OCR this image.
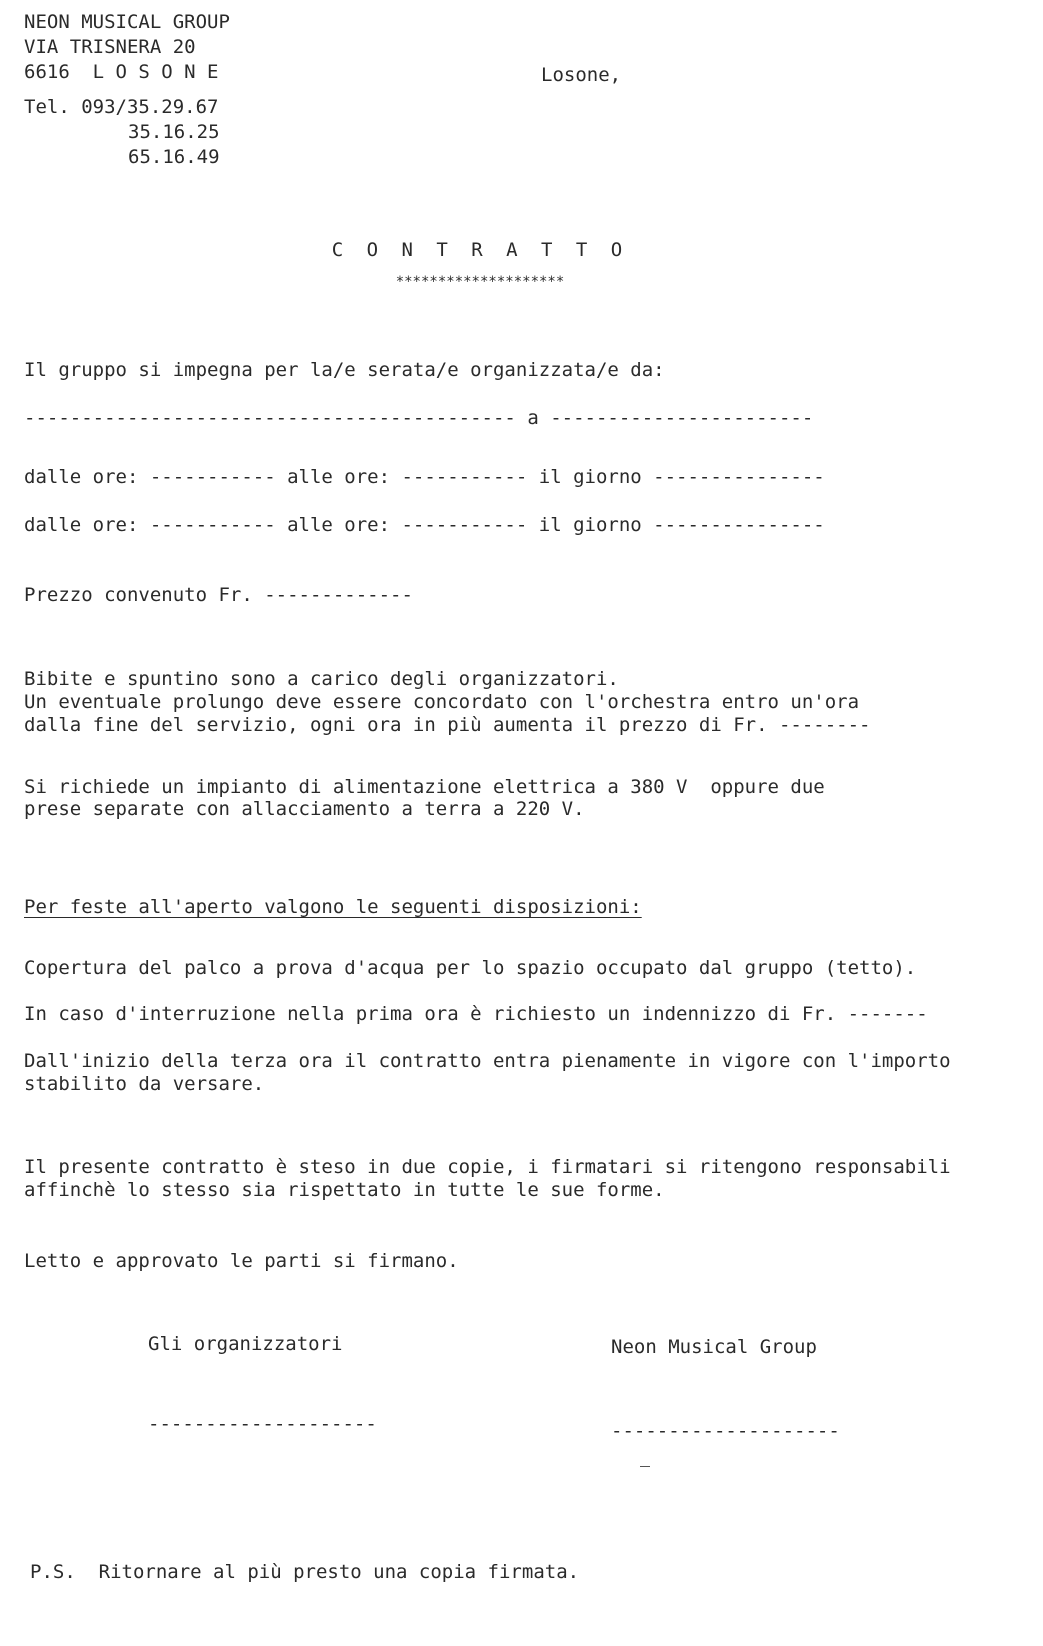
NEON MUSICAL GROUP
VIA TRISNERA 20
6616  L O S O N E
Tel. 093/35.29.67
35.16.25
65.16.49
Losone,
C O N T R A T T O
********************
Il gruppo si impegna per la/e serata/e organizzata/e da:
------------------------------------------- a -----------------------
dalle ore: ----------- alle ore: ----------- il giorno ---------------
dalle ore: ----------- alle ore: ----------- il giorno ---------------
Prezzo convenuto Fr. -------------
Bibite e spuntino sono a carico degli organizzatori.
Un eventuale prolungo deve essere concordato con l'orchestra entro un'ora
dalla fine del servizio, ogni ora in più aumenta il prezzo di Fr. --------
Si richiede un impianto di alimentazione elettrica a 380 V  oppure due
prese separate con allacciamento a terra a 220 V.
Per feste all'aperto valgono le seguenti disposizioni:
Copertura del palco a prova d'acqua per lo spazio occupato dal gruppo (tetto).
In caso d'interruzione nella prima ora è richiesto un indennizzo di Fr. -------
Dall'inizio della terza ora il contratto entra pienamente in vigore con l'importo
stabilito da versare.
Il presente contratto è steso in due copie, i firmatari si ritengono responsabili
affinchè lo stesso sia rispettato in tutte le sue forme.
Letto e approvato le parti si firmano.
Gli organizzatori	Neon Musical Group
--------------------	--------------------
P.S.  Ritornare al più presto una copia firmata.
